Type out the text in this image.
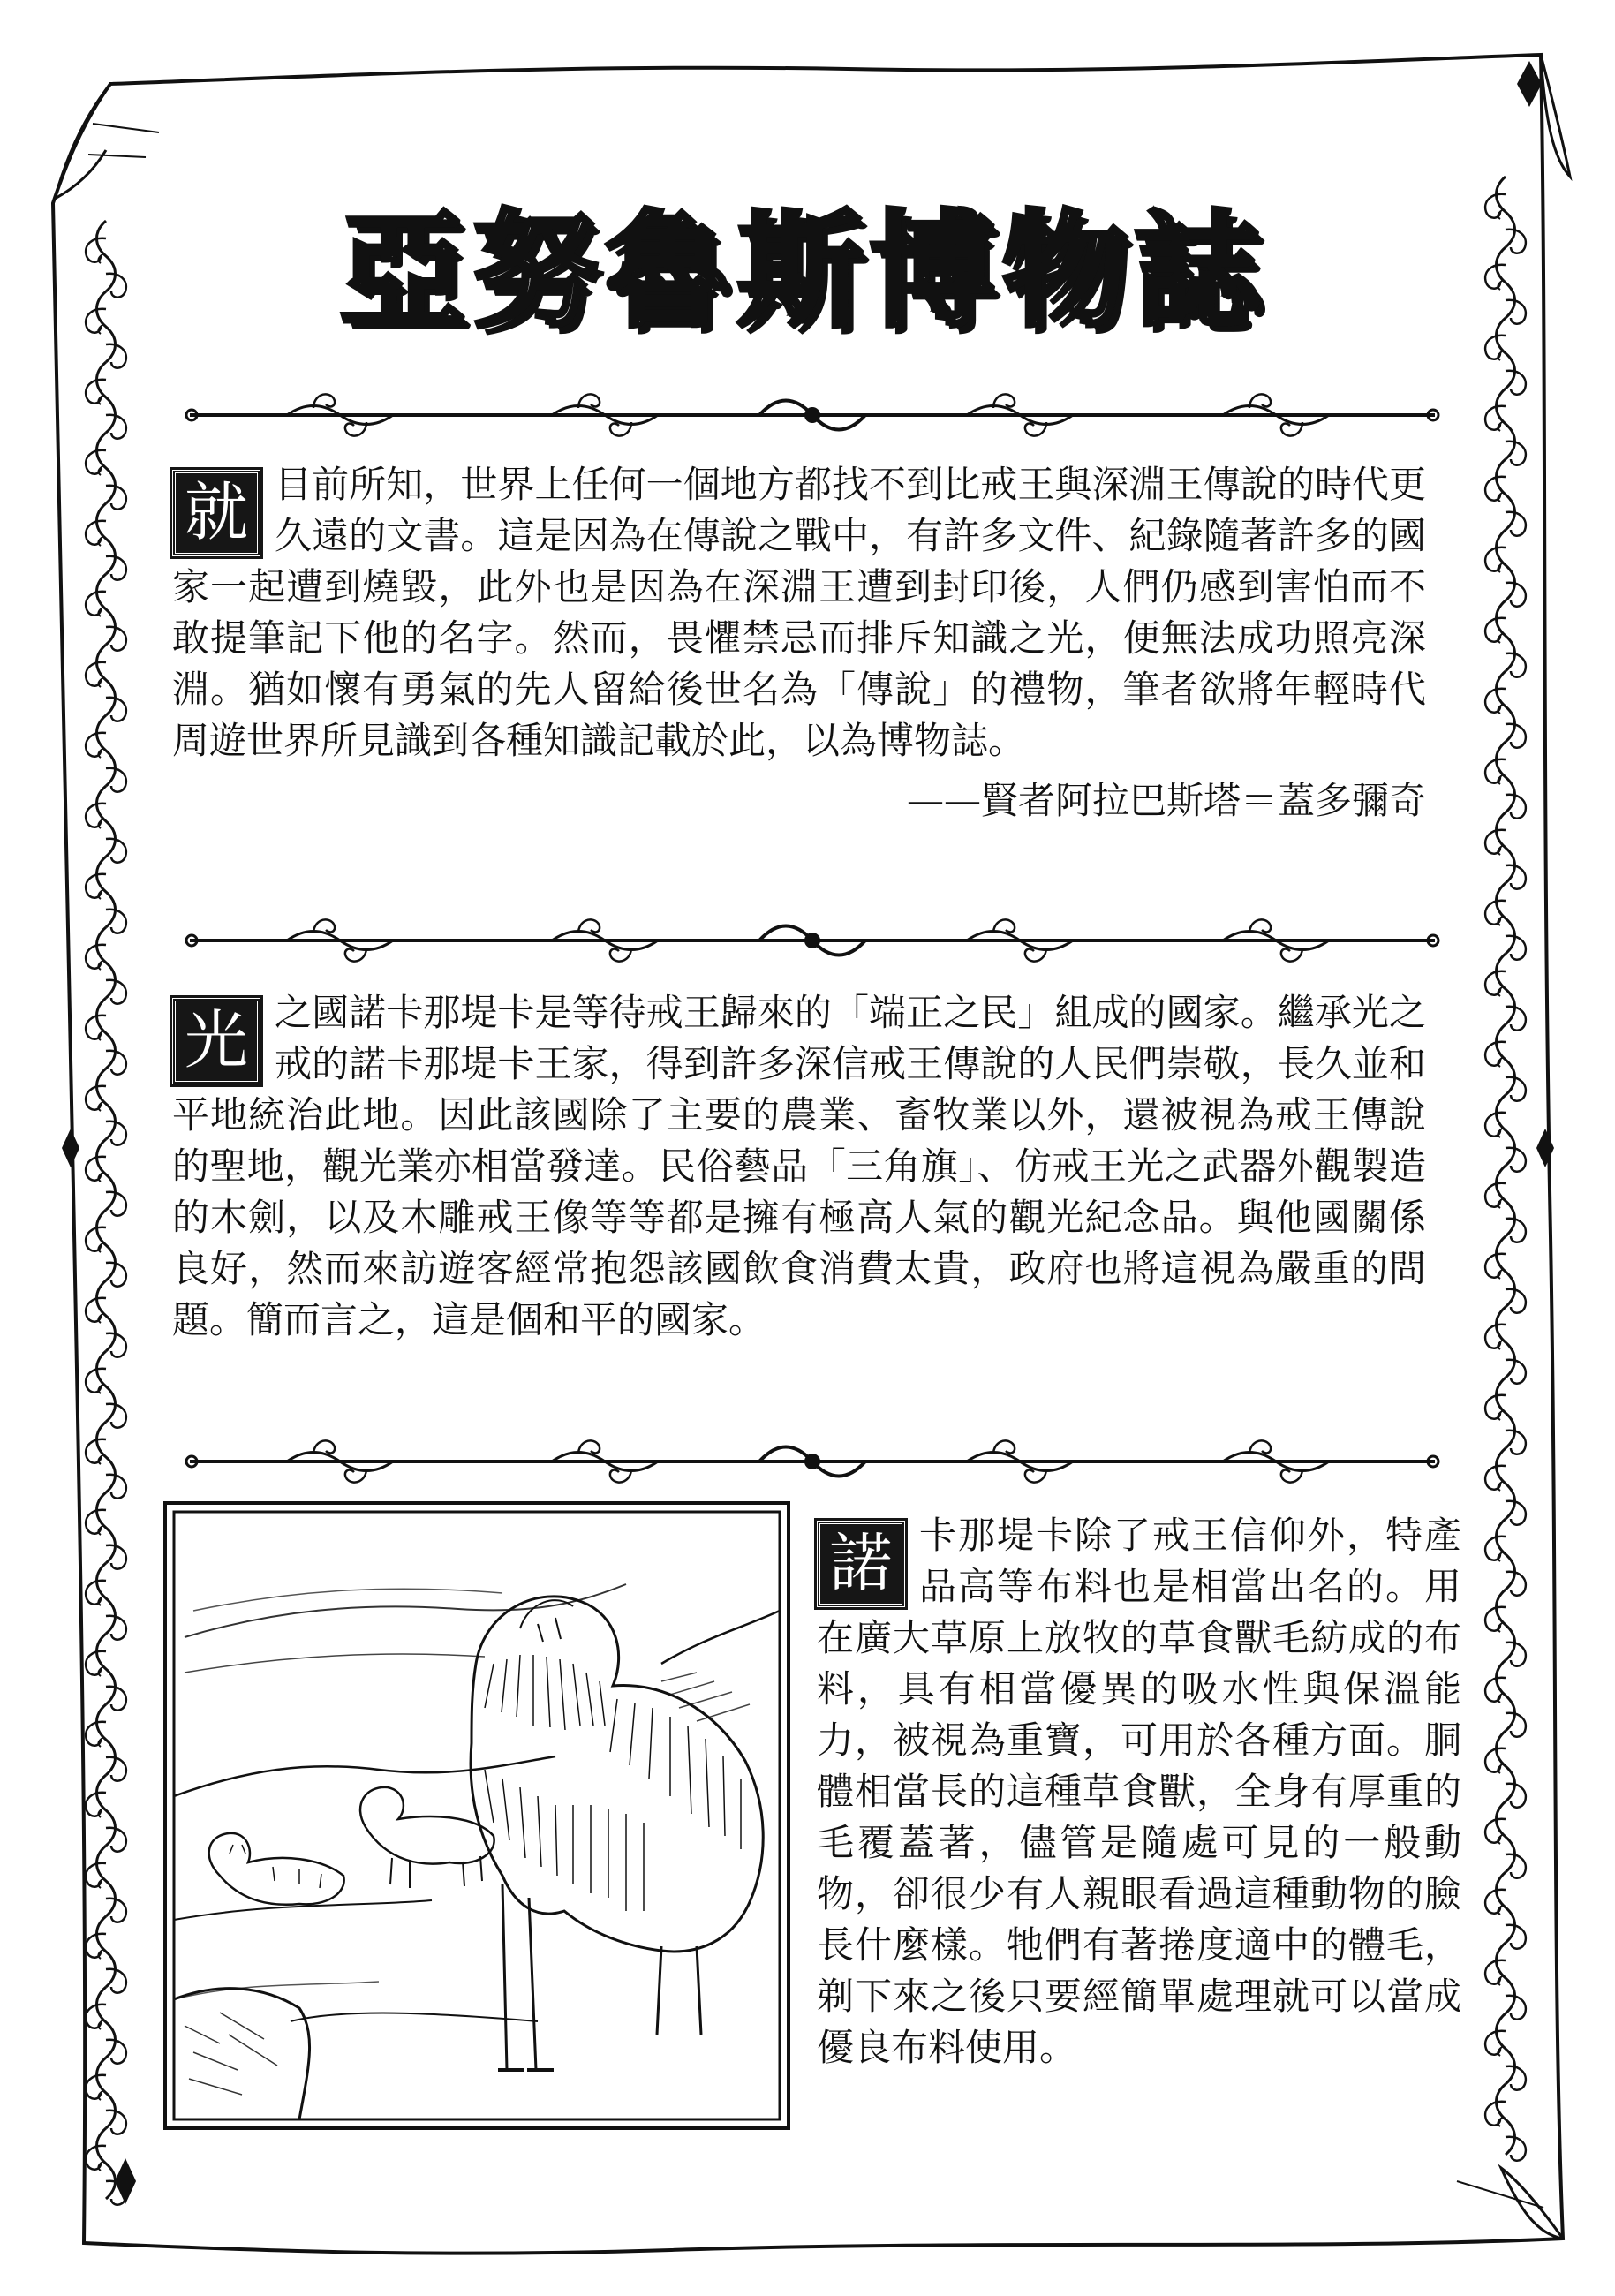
亞努魯斯博物誌
就 目前所知，世界上任何一個地方都找不到比戒王與深淵王傳說的時代更久遠的文書。這是因為在傳說之戰中，有許多文件、紀錄隨著許多的國家一起遭到燒毀，此外也是因為在深淵王遭到封印後，人們仍感到害怕而不敢提筆記下他的名字。然而，畏懼禁忌而排斥知識之光，便無法成功照亮深淵。猶如懷有勇氣的先人留給後世名為「傳說」的禮物，筆者欲將年輕時代周遊世界所見識到各種知識記載於此，以為博物誌。

——賢者阿拉巴斯塔＝蓋多彌奇

光 之國諾卡那堤卡是等待戒王歸來的「端正之民」組成的國家。繼承光之戒的諾卡那堤卡王家，得到許多深信戒王傳說的人民們崇敬，長久並和平地統治此地。因此該國除了主要的農業、畜牧業以外，還被視為戒王傳說的聖地，觀光業亦相當發達。民俗藝品「三角旗」、仿戒王光之武器外觀製造的木劍，以及木雕戒王像等等都是擁有極高人氣的觀光紀念品。與他國關係良好，然而來訪遊客經常抱怨該國飲食消費太貴，政府也將這視為嚴重的問題。簡而言之，這是個和平的國家。

諾 卡那堤卡除了戒王信仰外，特產品高等布料也是相當出名的。用在廣大草原上放牧的草食獸毛紡成的布料，具有相當優異的吸水性與保溫能力，被視為重寶，可用於各種方面。胴體相當長的這種草食獸，全身有厚重的毛覆蓋著，儘管是隨處可見的一般動物，卻很少有人親眼看過這種動物的臉長什麼樣。牠們有著捲度適中的體毛，剃下來之後只要經簡單處理就可以當成優良布料使用。
